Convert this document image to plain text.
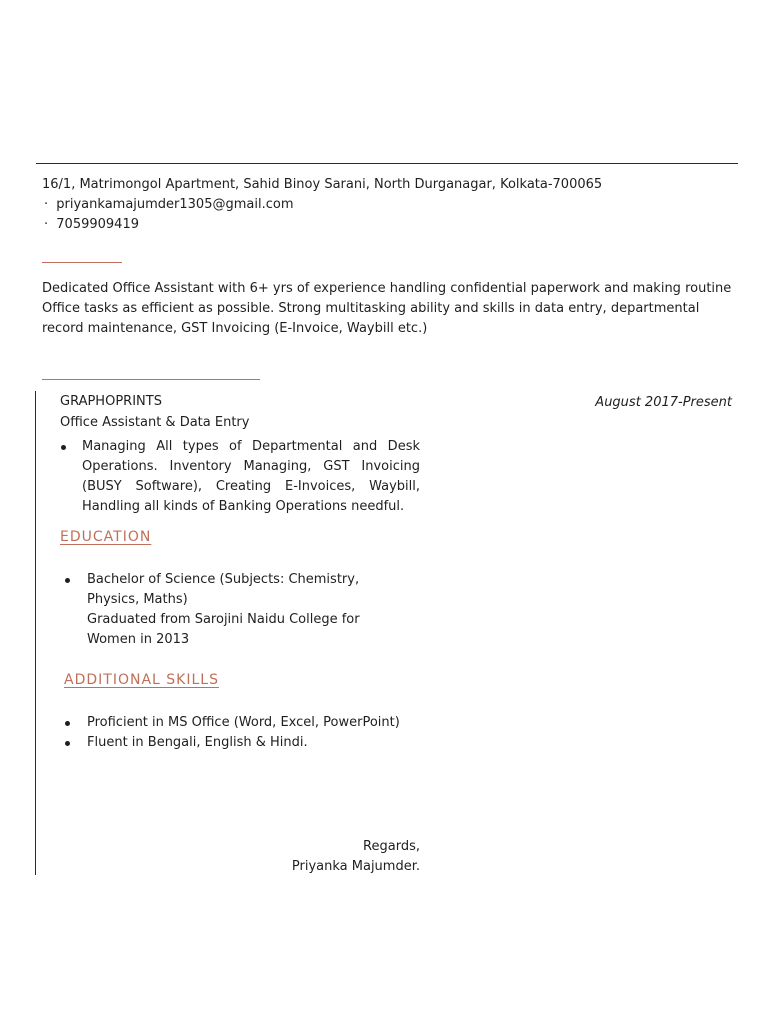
16/1, Matrimongol Apartment, Sahid Binoy Sarani, North Durganagar, Kolkata-700065
· priyankamajumder1305@gmail.com
· 7059909419
Dedicated Office Assistant with 6+ yrs of experience handling confidential paperwork and making routine Office tasks as efficient as possible. Strong multitasking ability and skills in data entry, departmental record maintenance, GST Invoicing (E-Invoice, Waybill etc.)
GRAPHOPRINTS	August 2017-Present
Office Assistant & Data Entry
Managing All types of Departmental and Desk Operations. Inventory Managing, GST Invoicing (BUSY Software), Creating E-Invoices, Waybill, Handling all kinds of Banking Operations needful.
EDUCATION
Bachelor of Science (Subjects: Chemistry, Physics, Maths)
Graduated from Sarojini Naidu College for Women in 2013
ADDITIONAL SKILLS
Proficient in MS Office (Word, Excel, PowerPoint)
Fluent in Bengali, English & Hindi.
Regards,
Priyanka Majumder.
